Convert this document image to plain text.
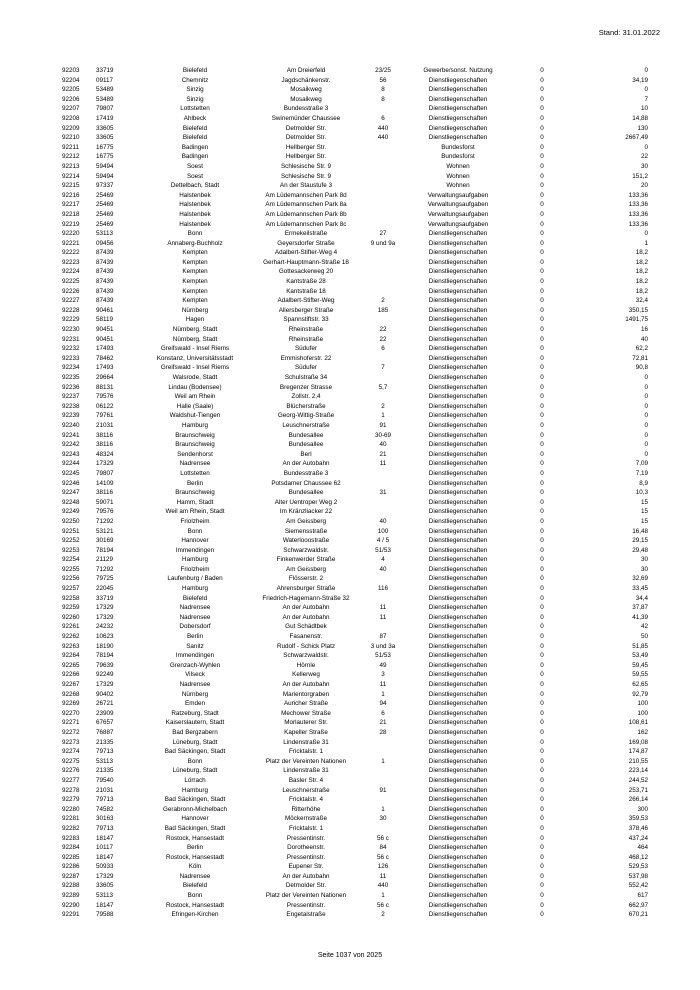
Stand: 31.01.2022
92203	33719	Bielefeld	Am Dreierfeld	23/25	Gewerbe/sonst. Nutzung	0	0
92204	09117	Chemnitz	Jagdschänkenstr.	56	Dienstliegenschaften	0	34,19
92205	53489	Sinzig	Mosaikweg	8	Dienstliegenschaften	0	0
92206	53489	Sinzig	Mosaikweg	8	Dienstliegenschaften	0	7
92207	79807	Lottstetten	Bundesstraße 3		Dienstliegenschaften	0	10
92208	17419	Ahlbeck	Swinemünder Chaussee	6	Dienstliegenschaften	0	14,88
92209	33605	Bielefeld	Detmolder Str.	440	Dienstliegenschaften	0	130
92210	33605	Bielefeld	Detmolder Str.	440	Dienstliegenschaften	0	2667,49
92211	16775	Badingen	Hellberger Str.		Bundesforst	0	0
92212	16775	Badingen	Hellberger Str.		Bundesforst	0	22
92213	59494	Soest	Schlesische Str. 9		Wohnen	0	30
92214	59494	Soest	Schlesische Str. 9		Wohnen	0	151,2
92215	97337	Dettelbach, Stadt	An der Staustufe 3		Wohnen	0	20
92216	25469	Halstenbek	Am Lüdemannschen Park 8d		Verwaltungsaufgaben	0	133,36
92217	25469	Halstenbek	Am Lüdemannschen Park 8a		Verwaltungsaufgaben	0	133,36
92218	25469	Halstenbek	Am Lüdemannschen Park 8b		Verwaltungsaufgaben	0	133,36
92219	25469	Halstenbek	Am Lüdemannschen Park 8c		Verwaltungsaufgaben	0	133,36
92220	53113	Bonn	Ermekeilstraße	27	Dienstliegenschaften	0	0
92221	09456	Annaberg-Buchholz	Geyersdorfer Straße	9 und 9a	Dienstliegenschaften	0	1
92222	87439	Kempten	Adalbert-Stifter-Weg 4		Dienstliegenschaften	0	18,2
92223	87439	Kempten	Gerhart-Hauptmann-Straße 18		Dienstliegenschaften	0	18,2
92224	87439	Kempten	Gottesackerweg 20		Dienstliegenschaften	0	18,2
92225	87439	Kempten	Kantstraße 28		Dienstliegenschaften	0	18,2
92226	87439	Kempten	Kantstraße 18		Dienstliegenschaften	0	18,2
92227	87439	Kempten	Adalbert-Stifter-Weg	2	Dienstliegenschaften	0	32,4
92228	90461	Nürnberg	Allersberger Straße	185	Dienstliegenschaften	0	350,15
92229	58119	Hagen	Spannstiftstr. 33		Dienstliegenschaften	0	1491,75
92230	90451	Nürnberg, Stadt	Rheinstraße	22	Dienstliegenschaften	0	16
92231	90451	Nürnberg, Stadt	Rheinstraße	22	Dienstliegenschaften	0	40
92232	17493	Greifswald - Insel Riems	Südufer	6	Dienstliegenschaften	0	62,2
92233	78462	Konstanz, Universitätsstadt	Emmishoferstr. 22		Dienstliegenschaften	0	72,81
92234	17493	Greifswald - Insel Riems	Südufer	7	Dienstliegenschaften	0	90,8
92235	29664	Walsrode, Stadt	Schulstraße 34		Dienstliegenschaften	0	0
92236	88131	Lindau (Bodensee)	Bregenzer Strasse	5,7	Dienstliegenschaften	0	0
92237	79576	Weil am Rhein	Zollstr. 2,4		Dienstliegenschaften	0	0
92238	06122	Halle (Saale)	Blücherstraße	2	Dienstliegenschaften	0	0
92239	79761	Waldshut-Tiengen	Georg-Wittig-Straße	1	Dienstliegenschaften	0	0
92240	21031	Hamburg	Leuschnerstraße	91	Dienstliegenschaften	0	0
92241	38116	Braunschweig	Bundesallee	30-69	Dienstliegenschaften	0	0
92242	38116	Braunschweig	Bundesallee	40	Dienstliegenschaften	0	0
92243	48324	Sendenhorst	Berl	21	Dienstliegenschaften	0	0
92244	17329	Nadrensee	An der Autobahn	11	Dienstliegenschaften	0	7,09
92245	79807	Lottstetten	Bundesstraße 3		Dienstliegenschaften	0	7,19
92246	14109	Berlin	Potsdamer Chaussee 62		Dienstliegenschaften	0	8,9
92247	38116	Braunschweig	Bundesallee	31	Dienstliegenschaften	0	10,3
92248	59071	Hamm, Stadt	Alter Uentroper Weg 2		Dienstliegenschaften	0	15
92249	79576	Weil am Rhein, Stadt	Im Kränzliacker 22		Dienstliegenschaften	0	15
92250	71292	Friolzheim	Am Geissberg	40	Dienstliegenschaften	0	15
92251	53121	Bonn	Siemensstraße	100	Dienstliegenschaften	0	16,48
92252	30169	Hannover	Waterlooostraße	4 / 5	Dienstliegenschaften	0	29,15
92253	78194	Immendingen	Schwarzwaldstr.	51/53	Dienstliegenschaften	0	29,48
92254	21129	Hamburg	Finkenwerder Straße	4	Dienstliegenschaften	0	30
92255	71292	Friolzheim	Am Geissberg	40	Dienstliegenschaften	0	30
92256	79725	Laufenburg / Baden	Flösserstr. 2		Dienstliegenschaften	0	32,69
92257	22045	Hamburg	Ahrensburger Straße	116	Dienstliegenschaften	0	33,45
92258	33719	Bielefeld	Friedrich-Hagemann-Straße 32		Dienstliegenschaften	0	34,4
92259	17329	Nadrensee	An der Autobahn	11	Dienstliegenschaften	0	37,87
92260	17329	Nadrensee	An der Autobahn	11	Dienstliegenschaften	0	41,39
92261	24232	Dobersdorf	Gut Schädtbek		Dienstliegenschaften	0	42
92262	10623	Berlin	Fasanenstr.	87	Dienstliegenschaften	0	50
92263	18190	Sanitz	Rudolf - Schick Platz	3 und 3a	Dienstliegenschaften	0	51,85
92264	78194	Immendingen	Schwarzwaldstr.	51/53	Dienstliegenschaften	0	53,49
92265	79639	Grenzach-Wyhlen	Hörnle	49	Dienstliegenschaften	0	59,45
92266	92249	Vilseck	Kellerweg	3	Dienstliegenschaften	0	59,55
92267	17329	Nadrensee	An der Autobahn	11	Dienstliegenschaften	0	62,65
92268	90402	Nürnberg	Marientorgraben	1	Dienstliegenschaften	0	92,79
92269	26721	Emden	Auricher Straße	94	Dienstliegenschaften	0	100
92270	23909	Ratzeburg, Stadt	Mechower Straße	6	Dienstliegenschaften	0	100
92271	67657	Kaiserslautern, Stadt	Morlauterer Str.	21	Dienstliegenschaften	0	108,61
92272	76887	Bad Bergzabern	Kapeller Straße	28	Dienstliegenschaften	0	162
92273	21335	Lüneburg, Stadt	Lindenstraße 31		Dienstliegenschaften	0	169,08
92274	79713	Bad Säckingen, Stadt	Fricktalstr. 1		Dienstliegenschaften	0	174,87
92275	53113	Bonn	Platz der Vereinten Nationen	1	Dienstliegenschaften	0	210,55
92276	21335	Lüneburg, Stadt	Lindenstraße 31		Dienstliegenschaften	0	223,14
92277	79540	Lörrach	Basler Str. 4		Dienstliegenschaften	0	244,52
92278	21031	Hamburg	Leuschnerstraße	91	Dienstliegenschaften	0	253,71
92279	79713	Bad Säckingen, Stadt	Fricktalstr. 4		Dienstliegenschaften	0	266,14
92280	74582	Gerabronn-Michelbach	Ritterhöhe	1	Dienstliegenschaften	0	300
92281	30163	Hannover	Möckernstraße	30	Dienstliegenschaften	0	359,53
92282	79713	Bad Säckingen, Stadt	Fricktalstr. 1		Dienstliegenschaften	0	378,46
92283	18147	Rostock, Hansestadt	Pressentinstr.	56 c	Dienstliegenschaften	0	437,24
92284	10117	Berlin	Dorotheenstr.	84	Dienstliegenschaften	0	464
92285	18147	Rostock, Hansestadt	Pressentinstr.	56 c	Dienstliegenschaften	0	468,12
92286	50933	Köln	Eupener Str.	126	Dienstliegenschaften	0	529,53
92287	17329	Nadrensee	An der Autobahn	11	Dienstliegenschaften	0	537,98
92288	33605	Bielefeld	Detmolder Str.	440	Dienstliegenschaften	0	552,42
92289	53113	Bonn	Platz der Vereinten Nationen	1	Dienstliegenschaften	0	617
92290	18147	Rostock, Hansestadt	Pressentinstr.	56 c	Dienstliegenschaften	0	662,97
92291	79588	Efringen-Kirchen	Engetalstraße	2	Dienstliegenschaften	0	670,21
Seite 1037 von 2025
